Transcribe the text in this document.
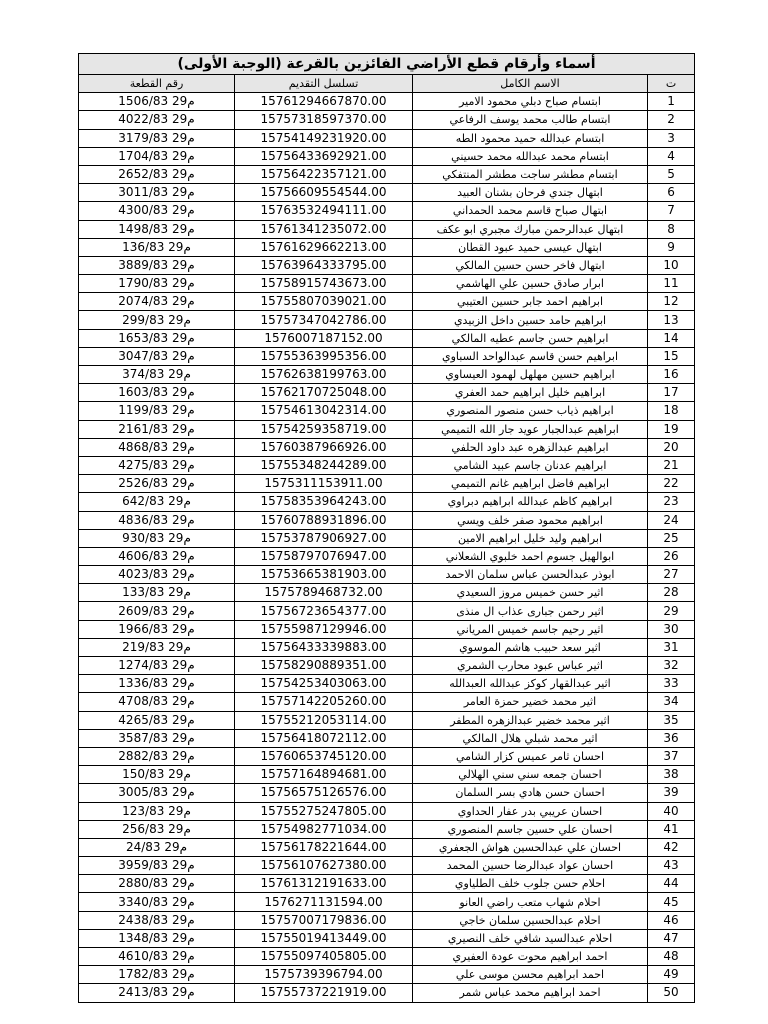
أسماء وأرقام قطع الأراضي الفائزين بالقرعة (الوجبة الأولى)			
رقم القطعة	تسلسل التقديم	الاسم الكامل	ت
1506/83 م29	15761294667870.00	ابتسام صباح دبلي محمود الامير	1
4022/83 م29	15757318597370.00	ابتسام طالب محمد يوسف الرفاعي	2
3179/83 م29	15754149231920.00	ابتسام عبدالله حميد محمود الطه	3
1704/83 م29	15756433692921.00	ابتسام محمد عبدالله محمد حسيني	4
2652/83 م29	15756422357121.00	ابتسام مطشر ساجت مطشر المنتفكي	5
3011/83 م29	15756609554544.00	ابتهال جندي فرحان بشنان العبيد	6
4300/83 م29	15763532494111.00	ابتهال صباح قاسم محمد الحمداني	7
1498/83 م29	15761341235072.00	ابتهال عبدالرحمن مبارك مجبري ابو عكف	8
136/83 م29	15761629662213.00	ابتهال عيسى حميد عبود القطان	9
3889/83 م29	15763964333795.00	ابتهال فاخر حسن حسين المالكي	10
1790/83 م29	15758915743673.00	ابرار صادق حسين علي الهاشمي	11
2074/83 م29	15755807039021.00	ابراهيم احمد جابر حسين العتيبي	12
299/83 م29	15757347042786.00	ابراهيم حامد حسين داخل الزبيدي	13
1653/83 م29	1576007187152.00	ابراهيم حسن جاسم عطيه المالكي	14
3047/83 م29	15755363995356.00	ابراهيم حسن قاسم عبدالواحد السباوي	15
374/83 م29	15762638199763.00	ابراهيم حسين مهلهل لهمود العيساوي	16
1603/83 م29	15762170725048.00	ابراهيم خليل ابراهيم حمد العفري	17
1199/83 م29	15754613042314.00	ابراهيم ذياب حسن منصور المنصوري	18
2161/83 م29	15754259358719.00	ابراهيم عبدالجبار عويد جار الله التميمي	19
4868/83 م29	15760387966926.00	ابراهيم عبدالزهره عبد داود الحلفي	20
4275/83 م29	15755348244289.00	ابراهيم عدنان جاسم عبيد الشامي	21
2526/83 م29	1575311153911.00	ابراهيم فاضل ابراهيم غانم التميمي	22
642/83 م29	15758353964243.00	ابراهيم كاظم عبدالله ابراهيم دبراوي	23
4836/83 م29	15760788931896.00	ابراهيم محمود صفر خلف ويسي	24
930/83 م29	15753787906927.00	ابراهيم وليد خليل ابراهيم الامين	25
4606/83 م29	15758797076947.00	ابوالهيل جسوم احمد خلبوي الشعلاني	26
4023/83 م29	15753665381903.00	ابوذر عبدالحسن عباس سلمان الاحمد	27
133/83 م29	1575789468732.00	اثير حسن خميس مروز السعيدي	28
2609/83 م29	15756723654377.00	اثير رحمن جبارى عذاب ال منذى	29
1966/83 م29	15755987129946.00	اثير رحيم جاسم خميس المرياني	30
219/83 م29	15756433339883.00	اثير سعد حبيب هاشم الموسوي	31
1274/83 م29	15758290889351.00	اثير عباس عبود محارب الشمري	32
1336/83 م29	15754253403063.00	اثير عبدالقهار كوكز عبدالله العبدالله	33
4708/83 م29	15757142205260.00	اثير محمد خضير حمزة العامر	34
4265/83 م29	15755212053114.00	اثير محمد خضير عبدالزهره المطفر	35
3587/83 م29	15756418072112.00	اثير محمد شبلي هلال المالكي	36
2882/83 م29	15760653745120.00	احسان ثامر عميس كزار الشامي	37
150/83 م29	15757164894681.00	احسان جمعه سني سني الهلالي	38
3005/83 م29	15756575126576.00	احسان حسن هادي بسر السلمان	39
123/83 م29	15755275247805.00	احسان عريبي بدر عفار الحداوي	40
256/83 م29	15754982771034.00	احسان علي حسين جاسم المنصوري	41
24/83 م29	15756178221644.00	احسان علي عبدالحسين هواش الجعفري	42
3959/83 م29	15756107627380.00	احسان عواد عبدالرضا حسين المحمد	43
2880/83 م29	15761312191633.00	احلام حسن جلوب خلف الطلياوي	44
3340/83 م29	1576271131594.00	احلام شهاب متعب راضي العانو	45
2438/83 م29	15757007179836.00	احلام عبدالحسين سلمان خاجي	46
1348/83 م29	15755019413449.00	احلام عبدالسيد شافي خلف النصيري	47
4610/83 م29	15755097405805.00	احمد ابراهيم محوت عودة العفيري	48
1782/83 م29	1575739396794.00	احمد ابراهيم محسن موسى علي	49
2413/83 م29	15755737221919.00	احمد ابراهيم محمد عباس شمر	50
